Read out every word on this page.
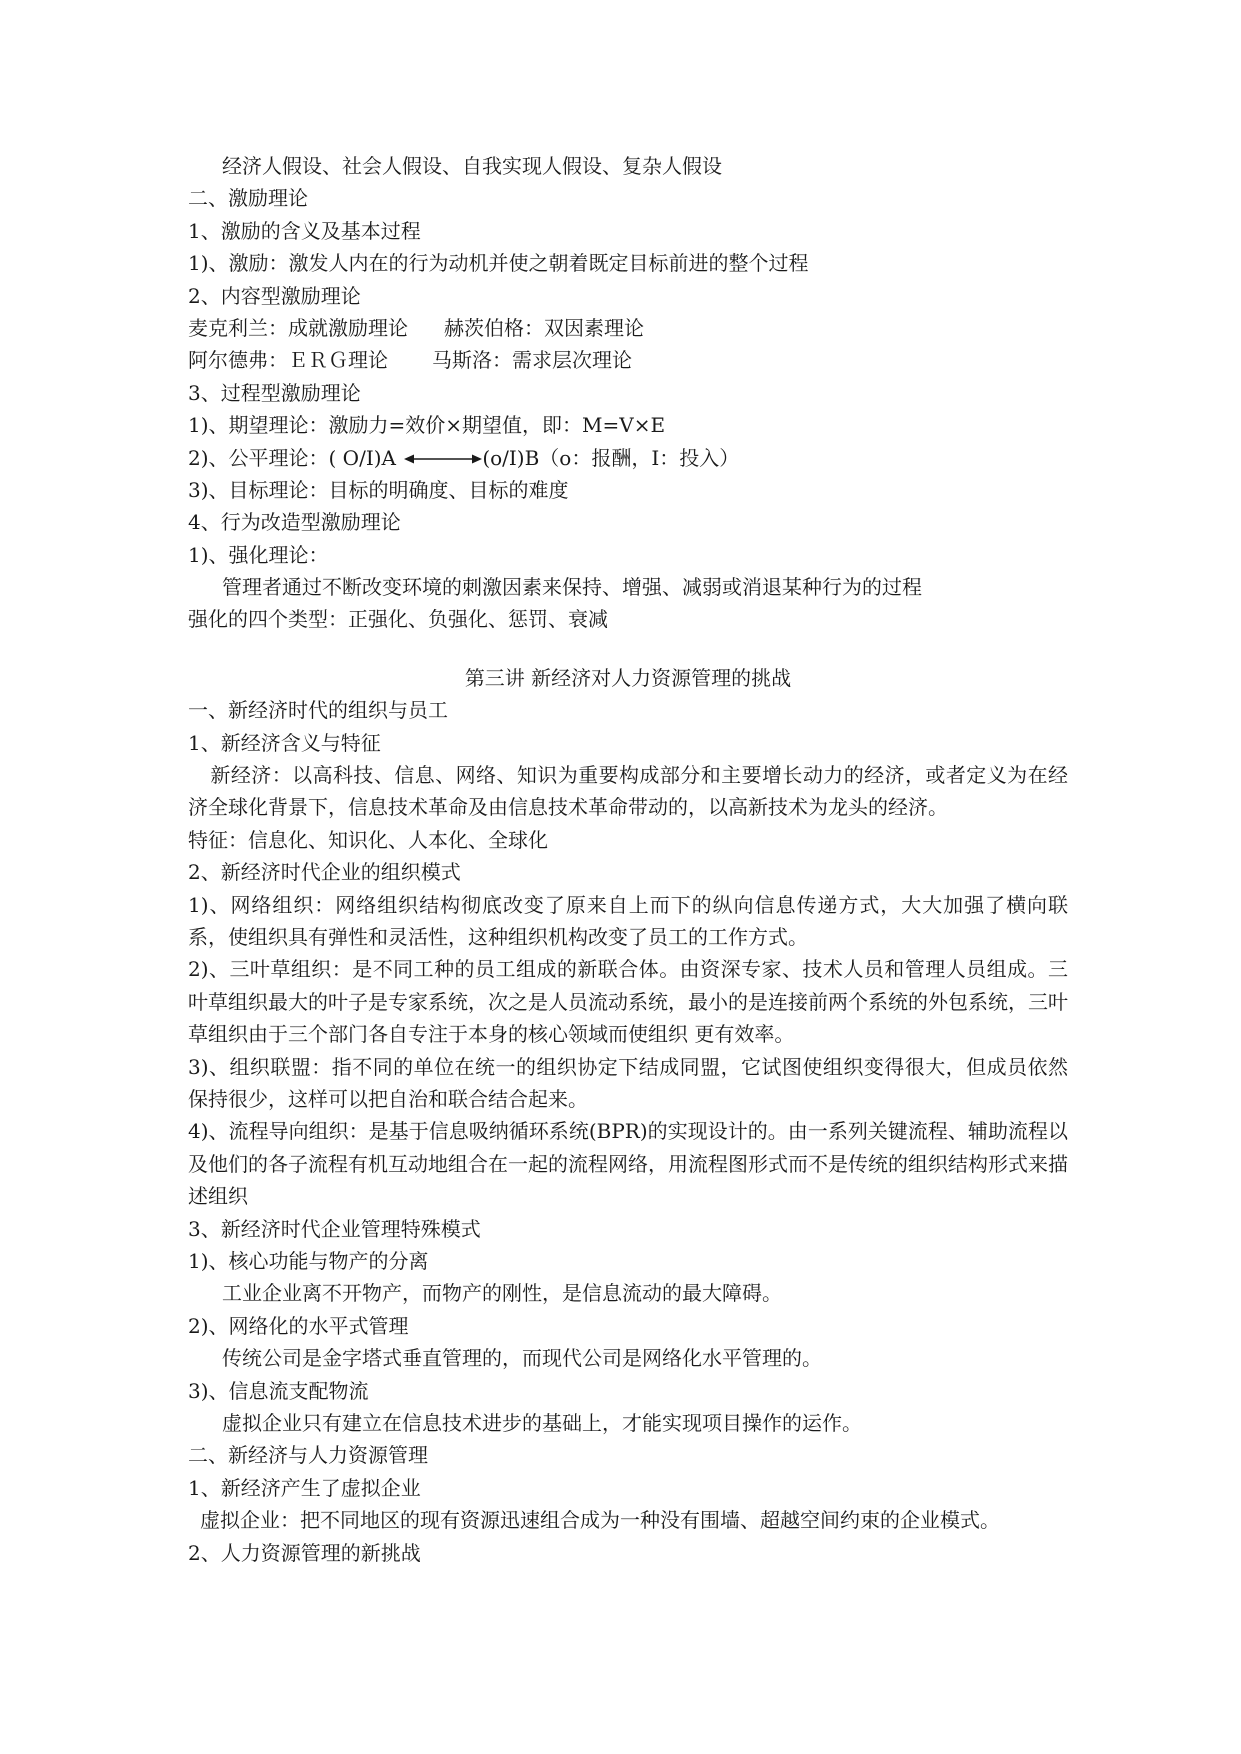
经济人假设、社会人假设、自我实现人假设、复杂人假设
二、激励理论
1、激励的含义及基本过程
1)、激励：激发人内在的行为动机并使之朝着既定目标前进的整个过程
2、内容型激励理论
麦克利兰：成就激励理论 赫茨伯格：双因素理论
阿尔德弗：ＥＲＧ理论 马斯洛：需求层次理论
3、过程型激励理论
1)、期望理论：激励力=效价×期望值，即：M=V×E
2)、公平理论：( O/I)A	(o/I)B（o：报酬，I：投入）
3)、目标理论：目标的明确度、目标的难度
4、行为改造型激励理论
1)、强化理论：
管理者通过不断改变环境的刺激因素来保持、增强、减弱或消退某种行为的过程
强化的四个类型：正强化、负强化、惩罚、衰减
第三讲 新经济对人力资源管理的挑战
一、新经济时代的组织与员工
1、新经济含义与特征
新经济：以高科技、信息、网络、知识为重要构成部分和主要增长动力的经济，或者定义为在经济全球化背景下，信息技术革命及由信息技术革命带动的，以高新技术为龙头的经济。
特征：信息化、知识化、人本化、全球化
2、新经济时代企业的组织模式
1)、网络组织：网络组织结构彻底改变了原来自上而下的纵向信息传递方式，大大加强了横向联系，使组织具有弹性和灵活性，这种组织机构改变了员工的工作方式。
2)、三叶草组织：是不同工种的员工组成的新联合体。由资深专家、技术人员和管理人员组成。三叶草组织最大的叶子是专家系统，次之是人员流动系统，最小的是连接前两个系统的外包系统，三叶草组织由于三个部门各自专注于本身的核心领域而使组织 更有效率。
3)、组织联盟：指不同的单位在统一的组织协定下结成同盟，它试图使组织变得很大，但成员依然保持很少，这样可以把自治和联合结合起来。
4)、流程导向组织：是基于信息吸纳循环系统(BPR)的实现设计的。由一系列关键流程、辅助流程以及他们的各子流程有机互动地组合在一起的流程网络，用流程图形式而不是传统的组织结构形式来描述组织
3、新经济时代企业管理特殊模式
1)、核心功能与物产的分离
工业企业离不开物产，而物产的刚性，是信息流动的最大障碍。
2)、网络化的水平式管理
传统公司是金字塔式垂直管理的，而现代公司是网络化水平管理的。
3)、信息流支配物流
虚拟企业只有建立在信息技术进步的基础上，才能实现项目操作的运作。
二、新经济与人力资源管理
1、新经济产生了虚拟企业
虚拟企业：把不同地区的现有资源迅速组合成为一种没有围墙、超越空间约束的企业模式。
2、人力资源管理的新挑战
